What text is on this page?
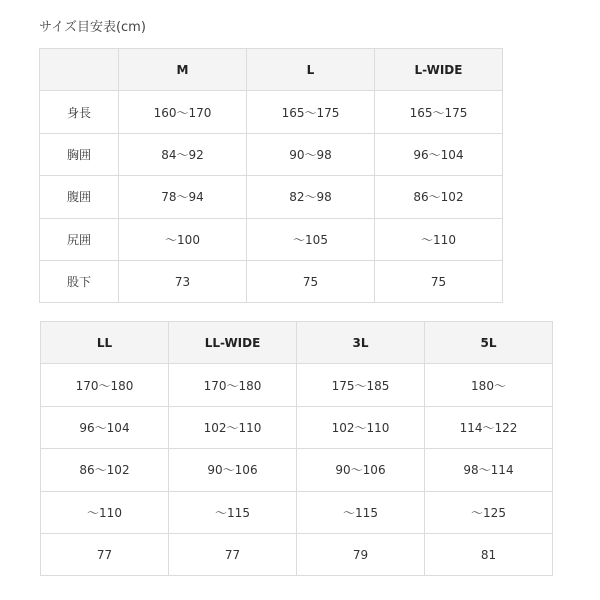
サイズ目安表(cm)
	M	L	L-WIDE
身長	160〜170	165〜175	165〜175
胸囲	84〜92	90〜98	96〜104
腹囲	78〜94	82〜98	86〜102
尻囲	〜100	〜105	〜110
股下	73	75	75
LL	LL-WIDE	3L	5L
170〜180	170〜180	175〜185	180〜
96〜104	102〜110	102〜110	114〜122
86〜102	90〜106	90〜106	98〜114
〜110	〜115	〜115	〜125
77	77	79	81
